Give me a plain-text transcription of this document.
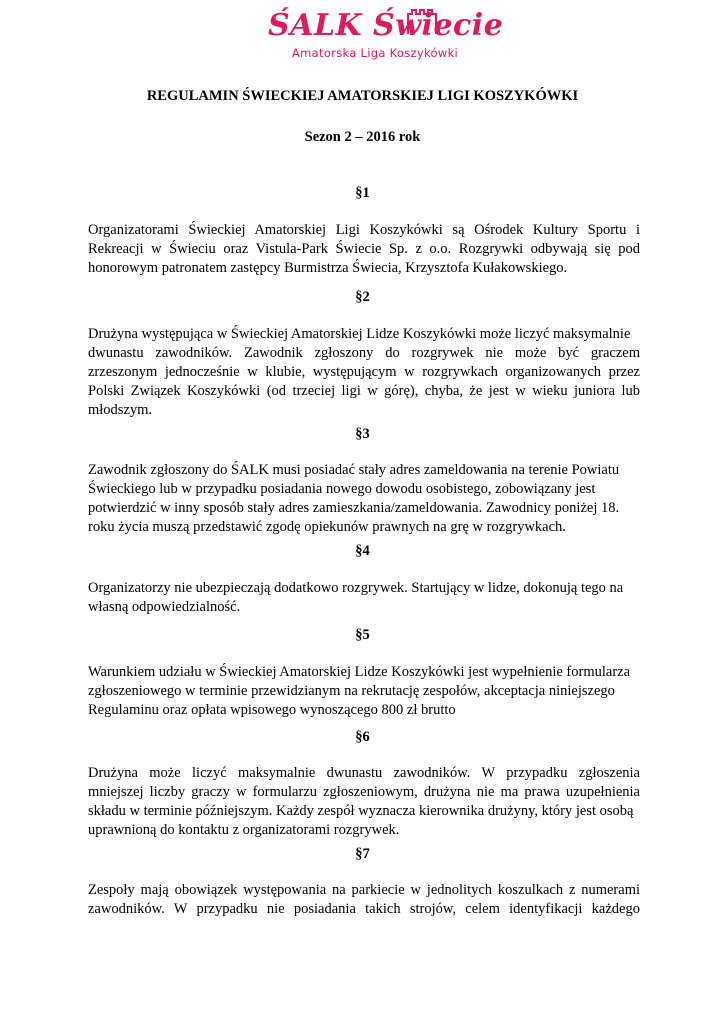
ŚALK Świecie
Amatorska Liga Koszykówki
REGULAMIN ŚWIECKIEJ AMATORSKIEJ LIGI KOSZYKÓWKI
Sezon 2 – 2016 rok
§1
Organizatorami Świeckiej Amatorskiej Ligi Koszykówki są Ośrodek Kultury Sportu i
Rekreacji w Świeciu oraz Vistula-Park Świecie Sp. z o.o. Rozgrywki odbywają się pod
honorowym patronatem zastępcy Burmistrza Świecia, Krzysztofa Kułakowskiego.
§2
Drużyna występująca w Świeckiej Amatorskiej Lidze Koszykówki może liczyć maksymalnie
dwunastu zawodników. Zawodnik zgłoszony do rozgrywek nie może być graczem
zrzeszonym jednocześnie w klubie, występującym w rozgrywkach organizowanych przez
Polski Związek Koszykówki (od trzeciej ligi w górę), chyba, że jest w wieku juniora lub
młodszym.
§3
Zawodnik zgłoszony do ŚALK musi posiadać stały adres zameldowania na terenie Powiatu
Świeckiego lub w przypadku posiadania nowego dowodu osobistego, zobowiązany jest
potwierdzić w inny sposób stały adres zamieszkania/zameldowania. Zawodnicy poniżej 18.
roku życia muszą przedstawić zgodę opiekunów prawnych na grę w rozgrywkach.
§4
Organizatorzy nie ubezpieczają dodatkowo rozgrywek. Startujący w lidze, dokonują tego na
własną odpowiedzialność.
§5
Warunkiem udziału w Świeckiej Amatorskiej Lidze Koszykówki jest wypełnienie formularza
zgłoszeniowego w terminie przewidzianym na rekrutację zespołów, akceptacja niniejszego
Regulaminu oraz opłata wpisowego wynoszącego 800 zł brutto
§6
Drużyna może liczyć maksymalnie dwunastu zawodników. W przypadku zgłoszenia
mniejszej liczby graczy w formularzu zgłoszeniowym, drużyna nie ma prawa uzupełnienia
składu w terminie późniejszym. Każdy zespół wyznacza kierownika drużyny, który jest osobą
uprawnioną do kontaktu z organizatorami rozgrywek.
§7
Zespoły mają obowiązek występowania na parkiecie w jednolitych koszulkach z numerami
zawodników. W przypadku nie posiadania takich strojów, celem identyfikacji każdego
